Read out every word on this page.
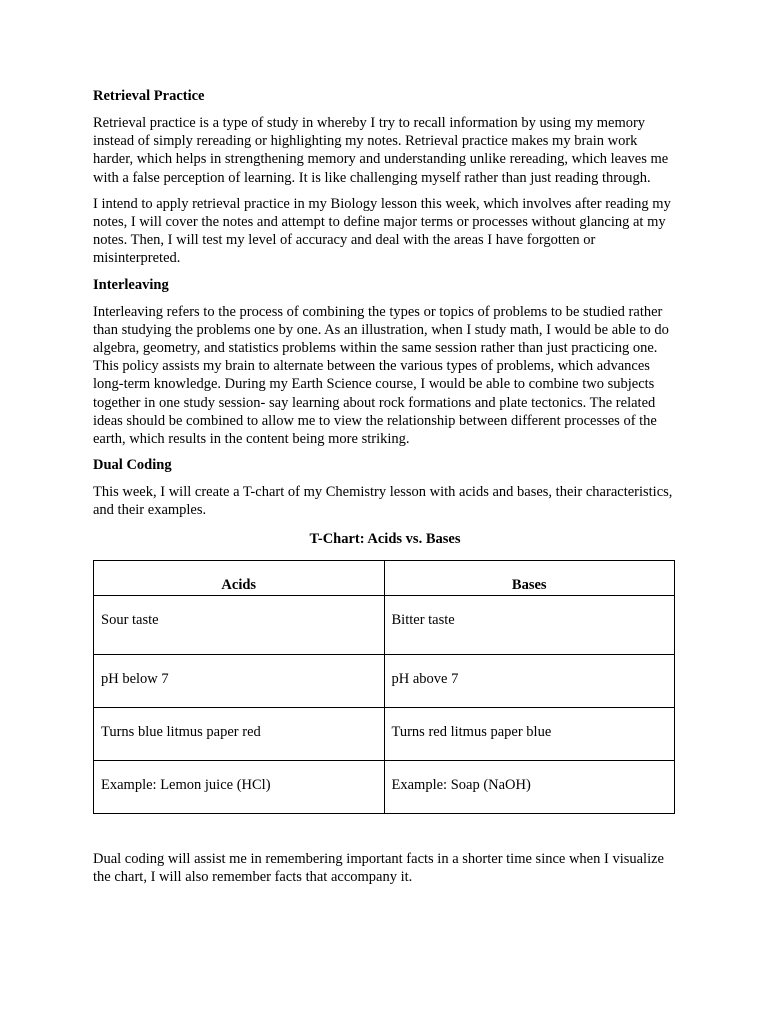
Retrieval Practice

Retrieval practice is a type of study in whereby I try to recall information by using my memory instead of simply rereading or highlighting my notes. Retrieval practice makes my brain work harder, which helps in strengthening memory and understanding unlike rereading, which leaves me with a false perception of learning. It is like challenging myself rather than just reading through.

I intend to apply retrieval practice in my Biology lesson this week, which involves after reading my notes, I will cover the notes and attempt to define major terms or processes without glancing at my notes. Then, I will test my level of accuracy and deal with the areas I have forgotten or misinterpreted.

Interleaving

Interleaving refers to the process of combining the types or topics of problems to be studied rather than studying the problems one by one. As an illustration, when I study math, I would be able to do algebra, geometry, and statistics problems within the same session rather than just practicing one. This policy assists my brain to alternate between the various types of problems, which advances long-term knowledge. During my Earth Science course, I would be able to combine two subjects together in one study session- say learning about rock formations and plate tectonics. The related ideas should be combined to allow me to view the relationship between different processes of the earth, which results in the content being more striking.

Dual Coding

This week, I will create a T-chart of my Chemistry lesson with acids and bases, their characteristics, and their examples.

T-Chart: Acids vs. Bases
Acids	Bases

Sour taste	Bitter taste

pH below 7	pH above 7

Turns blue litmus paper red	Turns red litmus paper blue

Example: Lemon juice (HCl)	Example: Soap (NaOH)

Dual coding will assist me in remembering important facts in a shorter time since when I visualize the chart, I will also remember facts that accompany it.
